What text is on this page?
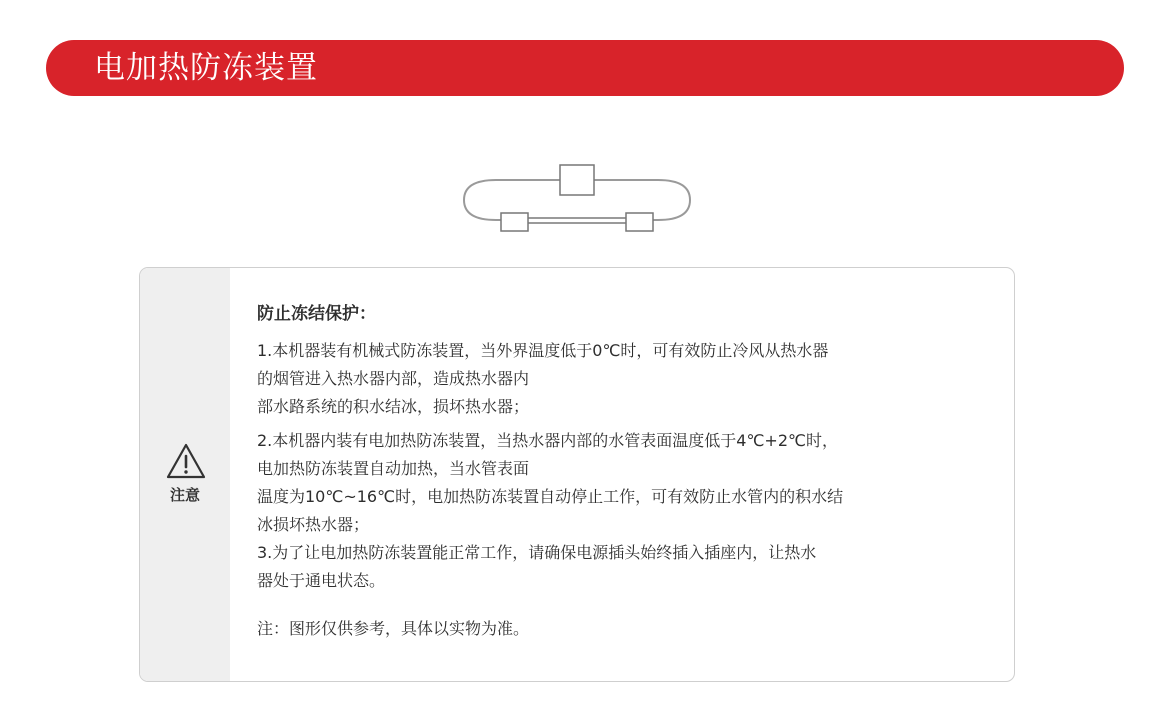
电加热防冻装置
注意
防止冻结保护：
1.本机器装有机械式防冻装置，当外界温度低于0℃时，可有效防止冷风从热水器
的烟管进入热水器内部，造成热水器内
部水路系统的积水结冰，损坏热水器；
2.本机器内装有电加热防冻装置，当热水器内部的水管表面温度低于4℃+2℃时，
电加热防冻装置自动加热，当水管表面
温度为10℃~16℃时，电加热防冻装置自动停止工作，可有效防止水管内的积水结
冰损坏热水器；
3.为了让电加热防冻装置能正常工作，请确保电源插头始终插入插座内，让热水
器处于通电状态。
注：图形仅供参考，具体以实物为准。
